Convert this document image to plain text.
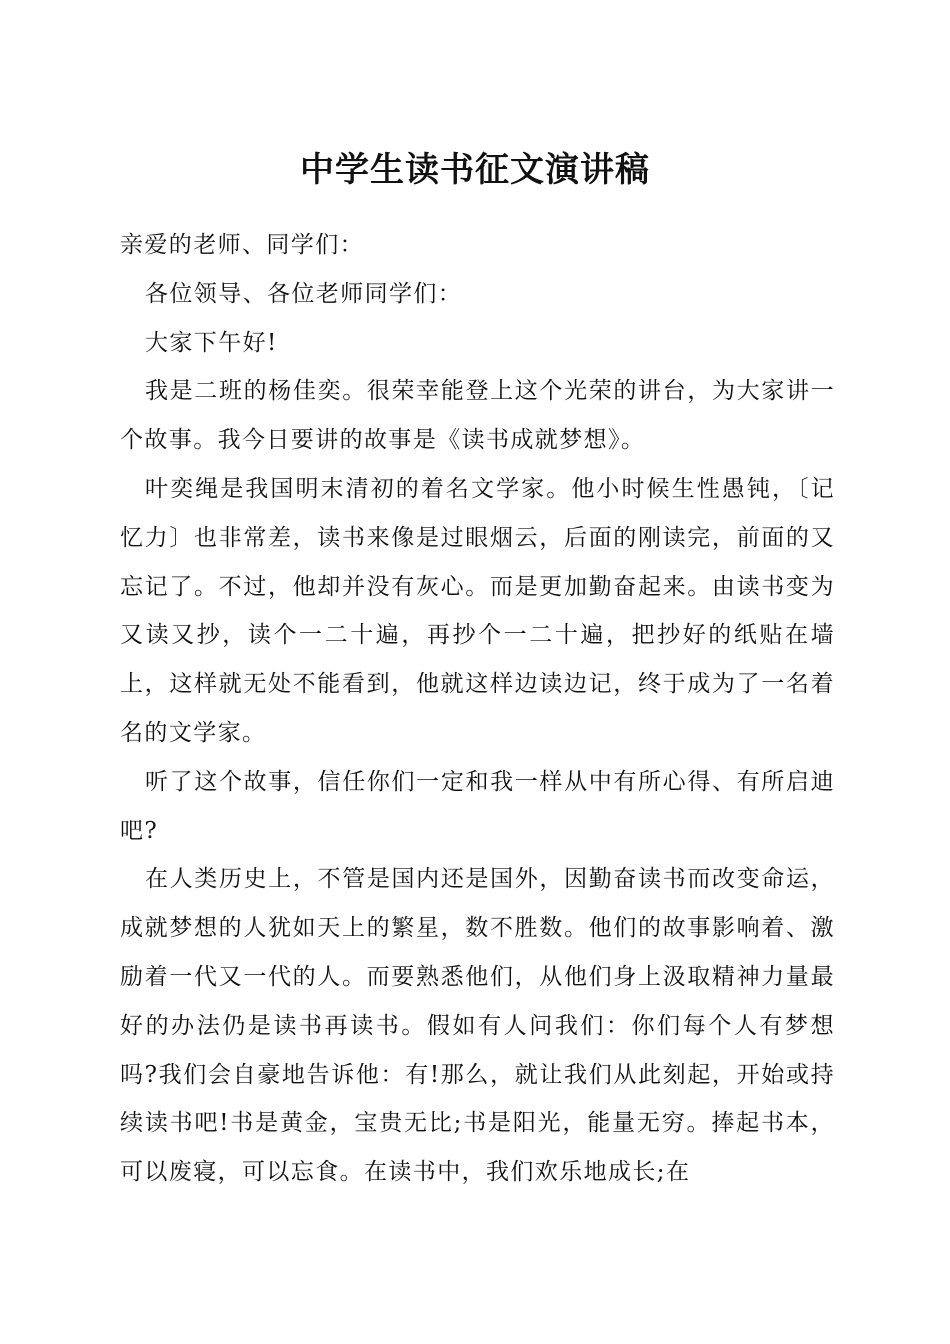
中学生读书征文演讲稿

亲爱的老师、同学们：

各位领导、各位老师同学们：

大家下午好!

我是二班的杨佳奕。很荣幸能登上这个光荣的讲台，为大家讲一个故事。我今日要讲的故事是《读书成就梦想》。

叶奕绳是我国明末清初的着名文学家。他小时候生性愚钝，〔记忆力〕也非常差，读书来像是过眼烟云，后面的刚读完，前面的又忘记了。不过，他却并没有灰心。而是更加勤奋起来。由读书变为又读又抄，读个一二十遍，再抄个一二十遍，把抄好的纸贴在墙上，这样就无处不能看到，他就这样边读边记，终于成为了一名着名的文学家。

听了这个故事，信任你们一定和我一样从中有所心得、有所启迪吧?

在人类历史上，不管是国内还是国外，因勤奋读书而改变命运，成就梦想的人犹如天上的繁星，数不胜数。他们的故事影响着、激励着一代又一代的人。而要熟悉他们，从他们身上汲取精神力量最好的办法仍是读书再读书。假如有人问我们：你们每个人有梦想吗?我们会自豪地告诉他：有!那么，就让我们从此刻起，开始或持续读书吧!书是黄金，宝贵无比;书是阳光，能量无穷。捧起书本，可以废寝，可以忘食。在读书中，我们欢乐地成长;在
